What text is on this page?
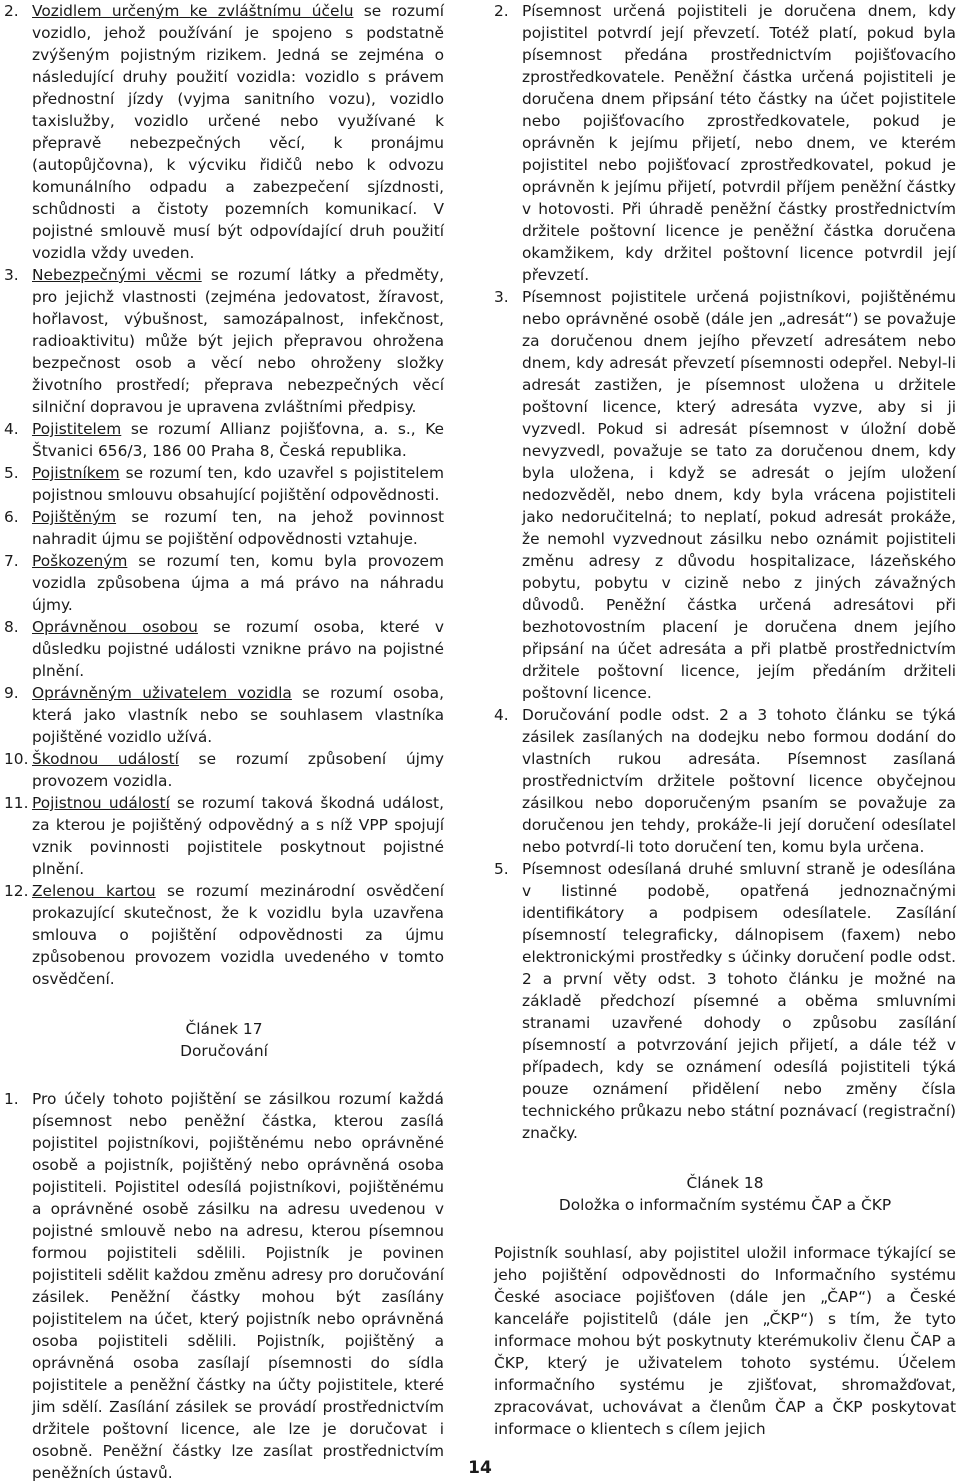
2. Vozidlem určeným ke zvláštnímu účelu se rozumí vozidlo, jehož používání je spojeno s podstatně zvýšeným pojistným rizikem. Jedná se zejména o následující druhy použití vozidla: vozidlo s právem přednostní jízdy (vyjma sanitního vozu), vozidlo taxislužby, vozidlo určené nebo využívané k přepravě nebezpečných věcí, k pronájmu (autopůjčovna), k výcviku řidičů nebo k odvozu komunálního odpadu a zabezpečení sjízdnosti, schůdnosti a čistoty pozemních komunikací. V pojistné smlouvě musí být odpovídající druh použití vozidla vždy uveden.

3. Nebezpečnými věcmi se rozumí látky a předměty, pro jejichž vlastnosti (zejména jedovatost, žíravost, hořlavost, výbušnost, samozápalnost, infekčnost, radioaktivitu) může být jejich přepravou ohrožena bezpečnost osob a věcí nebo ohroženy složky životního prostředí; přeprava nebezpečných věcí silniční dopravou je upravena zvláštními předpisy.

4. Pojistitelem se rozumí Allianz pojišťovna, a. s., Ke Štvanici 656/3, 186 00 Praha 8, Česká republika.

5. Pojistníkem se rozumí ten, kdo uzavřel s pojistitelem pojistnou smlouvu obsahující pojištění odpovědnosti.

6. Pojištěným se rozumí ten, na jehož povinnost nahradit újmu se pojištění odpovědnosti vztahuje.

7. Poškozeným se rozumí ten, komu byla provozem vozidla způsobena újma a má právo na náhradu újmy.

8. Oprávněnou osobou se rozumí osoba, které v důsledku pojistné události vznikne právo na pojistné plnění.

9. Oprávněným uživatelem vozidla se rozumí osoba, která jako vlastník nebo se souhlasem vlastníka pojištěné vozidlo užívá.

10. Škodnou událostí se rozumí způsobení újmy provozem vozidla.

11. Pojistnou událostí se rozumí taková škodná událost, za kterou je pojištěný odpovědný a s níž VPP spojují vznik povinnosti pojistitele poskytnout pojistné plnění.

12. Zelenou kartou se rozumí mezinárodní osvědčení prokazující skutečnost, že k vozidlu byla uzavřena smlouva o pojištění odpovědnosti za újmu způsobenou provozem vozidla uvedeného v tomto osvědčení.

Článek 17
Doručování

1. Pro účely tohoto pojištění se zásilkou rozumí každá písemnost nebo peněžní částka, kterou zasílá pojistitel pojistníkovi, pojištěnému nebo oprávněné osobě a pojistník, pojištěný nebo oprávněná osoba pojistiteli. Pojistitel odesílá pojistníkovi, pojištěnému a oprávněné osobě zásilku na adresu uvedenou v pojistné smlouvě nebo na adresu, kterou písemnou formou pojistiteli sdělili. Pojistník je povinen pojistiteli sdělit každou změnu adresy pro doručování zásilek. Peněžní částky mohou být zasílány pojistitelem na účet, který pojistník nebo oprávněná osoba pojistiteli sdělili. Pojistník, pojištěný a oprávněná osoba zasílají písemnosti do sídla pojistitele a peněžní částky na účty pojistitele, které jim sdělí. Zasílání zásilek se provádí prostřednictvím držitele poštovní licence, ale lze je doručovat i osobně. Peněžní částky lze zasílat prostřednictvím peněžních ústavů.

2. Písemnost určená pojistiteli je doručena dnem, kdy pojistitel potvrdí její převzetí. Totéž platí, pokud byla písemnost předána prostřednictvím pojišťovacího zprostředkovatele. Peněžní částka určená pojistiteli je doručena dnem připsání této částky na účet pojistitele nebo pojišťovacího zprostředkovatele, pokud je oprávněn k jejímu přijetí, nebo dnem, ve kterém pojistitel nebo pojišťovací zprostředkovatel, pokud je oprávněn k jejímu přijetí, potvrdil příjem peněžní částky v hotovosti. Při úhradě peněžní částky prostřednictvím držitele poštovní licence je peněžní částka doručena okamžikem, kdy držitel poštovní licence potvrdil její převzetí.

3. Písemnost pojistitele určená pojistníkovi, pojištěnému nebo oprávněné osobě (dále jen „adresát“) se považuje za doručenou dnem jejího převzetí adresátem nebo dnem, kdy adresát převzetí písemnosti odepřel. Nebyl-li adresát zastižen, je písemnost uložena u držitele poštovní licence, který adresáta vyzve, aby si ji vyzvedl. Pokud si adresát písemnost v úložní době nevyzvedl, považuje se tato za doručenou dnem, kdy byla uložena, i když se adresát o jejím uložení nedozvěděl, nebo dnem, kdy byla vrácena pojistiteli jako nedoručitelná; to neplatí, pokud adresát prokáže, že nemohl vyzvednout zásilku nebo oznámit pojistiteli změnu adresy z důvodu hospitalizace, lázeňského pobytu, pobytu v cizině nebo z jiných závažných důvodů. Peněžní částka určená adresátovi při bezhotovostním placení je doručena dnem jejího připsání na účet adresáta a při platbě prostřednictvím držitele poštovní licence, jejím předáním držiteli poštovní licence.

4. Doručování podle odst. 2 a 3 tohoto článku se týká zásilek zasílaných na dodejku nebo formou dodání do vlastních rukou adresáta. Písemnost zasílaná prostřednictvím držitele poštovní licence obyčejnou zásilkou nebo doporučeným psaním se považuje za doručenou jen tehdy, prokáže-li její doručení odesílatel nebo potvrdí-li toto doručení ten, komu byla určena.

5. Písemnost odesílaná druhé smluvní straně je odesílána v listinné podobě, opatřená jednoznačnými identifikátory a podpisem odesílatele. Zasílání písemností telegraficky, dálnopisem (faxem) nebo elektronickými prostředky s účinky doručení podle odst. 2 a první věty odst. 3 tohoto článku je možné na základě předchozí písemné a oběma smluvními stranami uzavřené dohody o způsobu zasílání písemností a potvrzování jejich přijetí, a dále též v případech, kdy se oznámení odesílá pojistiteli týká pouze oznámení přidělení nebo změny čísla technického průkazu nebo státní poznávací (registrační) značky.

Článek 18
Doložka o informačním systému ČAP a ČKP

Pojistník souhlasí, aby pojistitel uložil informace týkající se jeho pojištění odpovědnosti do Informačního systému České asociace pojišťoven (dále jen „ČAP“) a České kanceláře pojistitelů (dále jen „ČKP“) s tím, že tyto informace mohou být poskytnuty kterémukoliv členu ČAP a ČKP, který je uživatelem tohoto systému. Účelem informačního systému je zjišťovat, shromažďovat, zpracovávat, uchovávat a členům ČAP a ČKP poskytovat informace o klientech s cílem jejich

14
